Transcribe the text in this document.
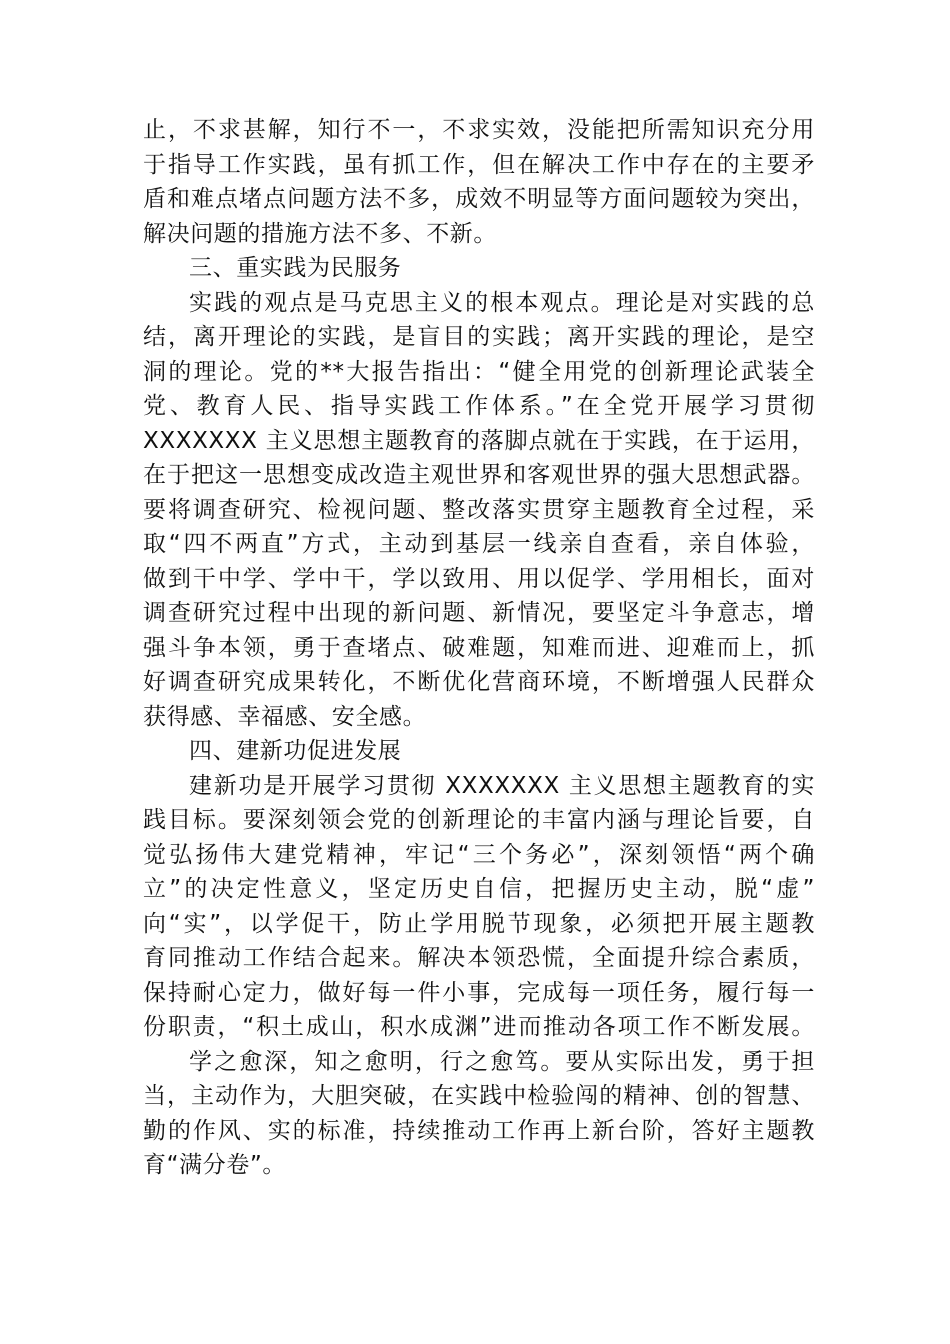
止，不求甚解，知行不一，不求实效，没能把所需知识充分用
于指导工作实践，虽有抓工作，但在解决工作中存在的主要矛
盾和难点堵点问题方法不多，成效不明显等方面问题较为突出，
解决问题的措施方法不多、不新。
三、重实践为民服务
实践的观点是马克思主义的根本观点。理论是对实践的总
结，离开理论的实践，是盲目的实践；离开实践的理论，是空
洞的理论。党的**大报告指出：“健全用党的创新理论武装全
党、教育人民、指导实践工作体系。”在全党开展学习贯彻
XXXXXXX 主义思想主题教育的落脚点就在于实践，在于运用，
在于把这一思想变成改造主观世界和客观世界的强大思想武器。
要将调查研究、检视问题、整改落实贯穿主题教育全过程，采
取“四不两直”方式，主动到基层一线亲自查看，亲自体验，
做到干中学、学中干，学以致用、用以促学、学用相长，面对
调查研究过程中出现的新问题、新情况，要坚定斗争意志，增
强斗争本领，勇于查堵点、破难题，知难而进、迎难而上，抓
好调查研究成果转化，不断优化营商环境，不断增强人民群众
获得感、幸福感、安全感。
四、建新功促进发展
建新功是开展学习贯彻 XXXXXXX 主义思想主题教育的实
践目标。要深刻领会党的创新理论的丰富内涵与理论旨要，自
觉弘扬伟大建党精神，牢记“三个务必”，深刻领悟“两个确
立”的决定性意义，坚定历史自信，把握历史主动，脱“虚”
向“实”，以学促干，防止学用脱节现象，必须把开展主题教
育同推动工作结合起来。解决本领恐慌，全面提升综合素质，
保持耐心定力，做好每一件小事，完成每一项任务，履行每一
份职责，“积土成山，积水成渊”进而推动各项工作不断发展。
学之愈深，知之愈明，行之愈笃。要从实际出发，勇于担
当，主动作为，大胆突破，在实践中检验闯的精神、创的智慧、
勤的作风、实的标准，持续推动工作再上新台阶，答好主题教
育“满分卷”。
